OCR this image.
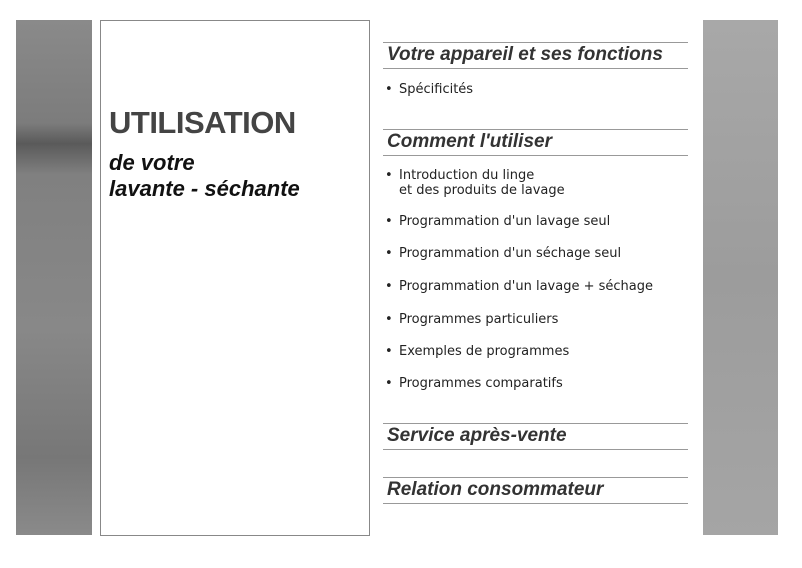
UTILISATION
de votre
lavante - séchante
Votre appareil et ses fonctions
• Spécificités
Comment l'utiliser
• Introduction du linge
et des produits de lavage
• Programmation d'un lavage seul
• Programmation d'un séchage seul
• Programmation d'un lavage + séchage
• Programmes particuliers
• Exemples de programmes
• Programmes comparatifs
Service après-vente
Relation consommateur
